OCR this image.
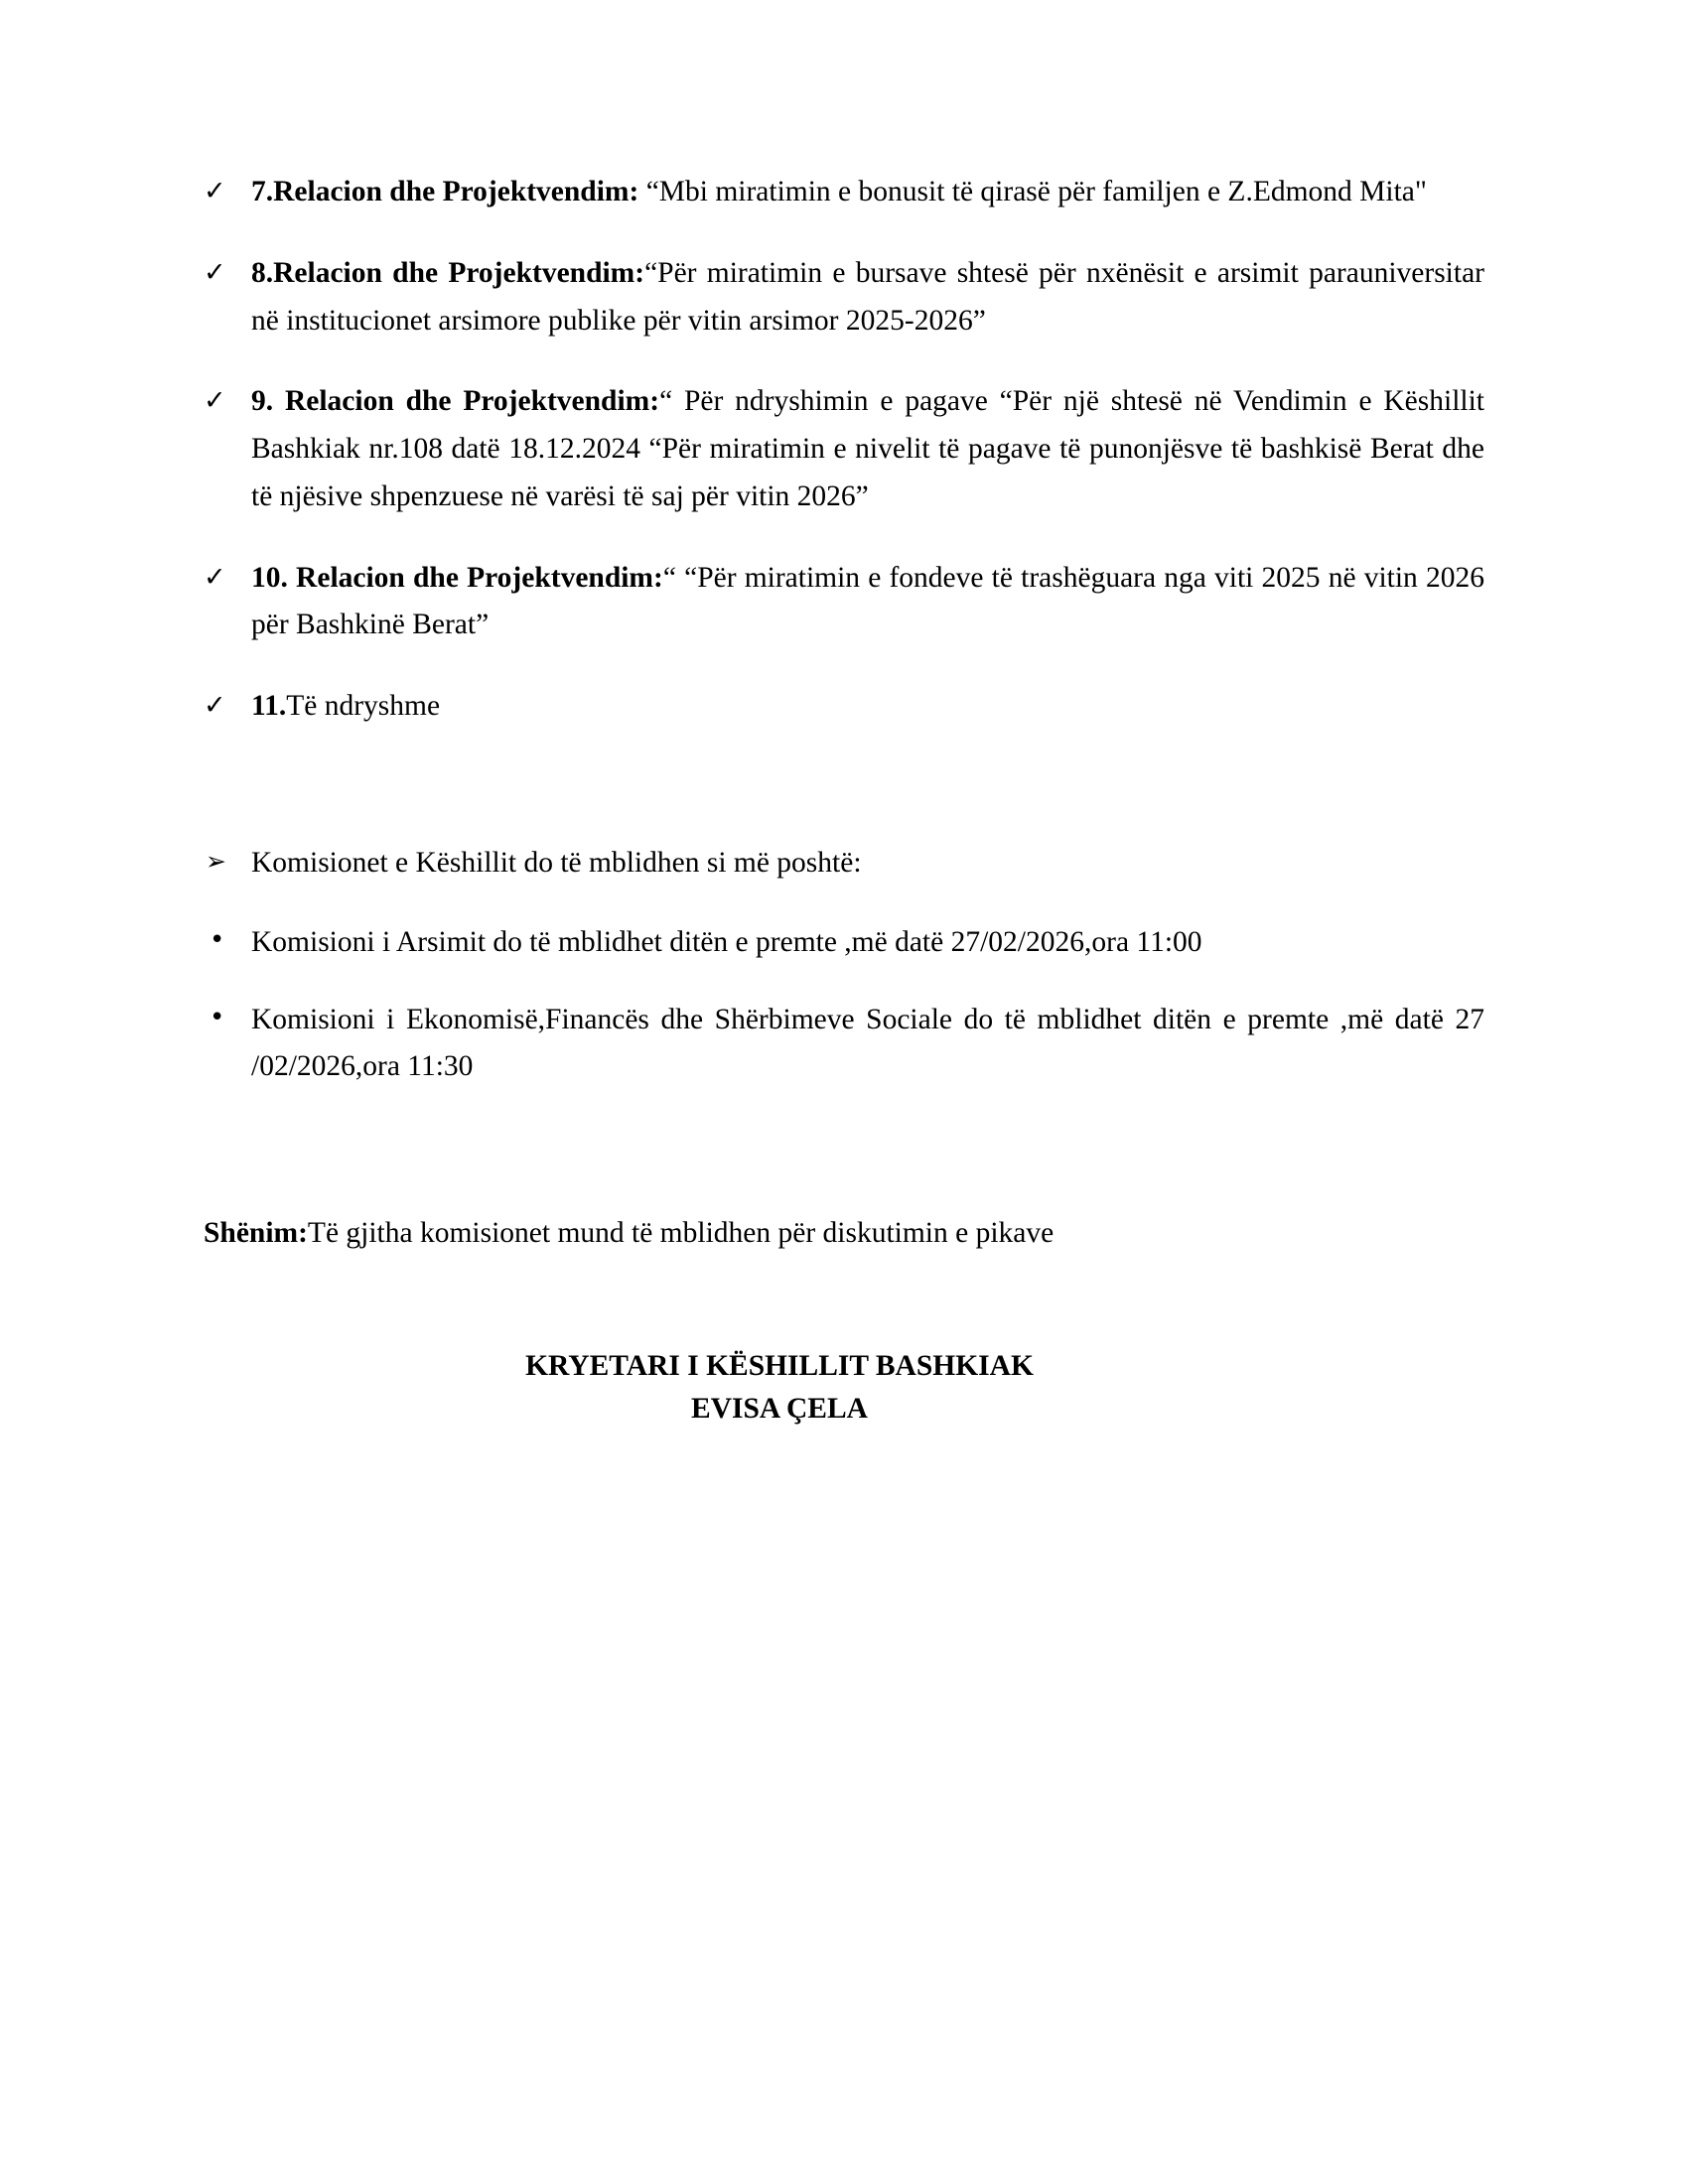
✓ 7.Relacion dhe Projektvendim: “Mbi miratimin e bonusit të qirasë për familjen e Z.Edmond Mita"
✓ 8.Relacion dhe Projektvendim:“Për miratimin e bursave shtesë për nxënësit e arsimit parauniversitar në institucionet arsimore publike për vitin arsimor 2025-2026”
✓ 9. Relacion dhe Projektvendim:“ Për ndryshimin e pagave “Për një shtesë në Vendimin e Këshillit Bashkiak nr.108 datë 18.12.2024 “Për miratimin e nivelit të pagave të punonjësve të bashkisë Berat dhe të njësive shpenzuese në varësi të saj për vitin 2026”
✓ 10. Relacion dhe Projektvendim:“ “Për miratimin e fondeve të trashëguara nga viti 2025 në vitin 2026 për Bashkinë Berat”
✓ 11.Të ndryshme
➢ Komisionet e Këshillit do të mblidhen si më poshtë:
• Komisioni i Arsimit do të mblidhet ditën e premte ,më datë 27/02/2026,ora 11:00
• Komisioni i Ekonomisë,Financës dhe Shërbimeve Sociale do të mblidhet ditën e premte ,më datë 27 /02/2026,ora 11:30

Shënim:Të gjitha komisionet mund të mblidhen për diskutimin e pikave

KRYETARI I KËSHILLIT BASHKIAK
EVISA ÇELA
